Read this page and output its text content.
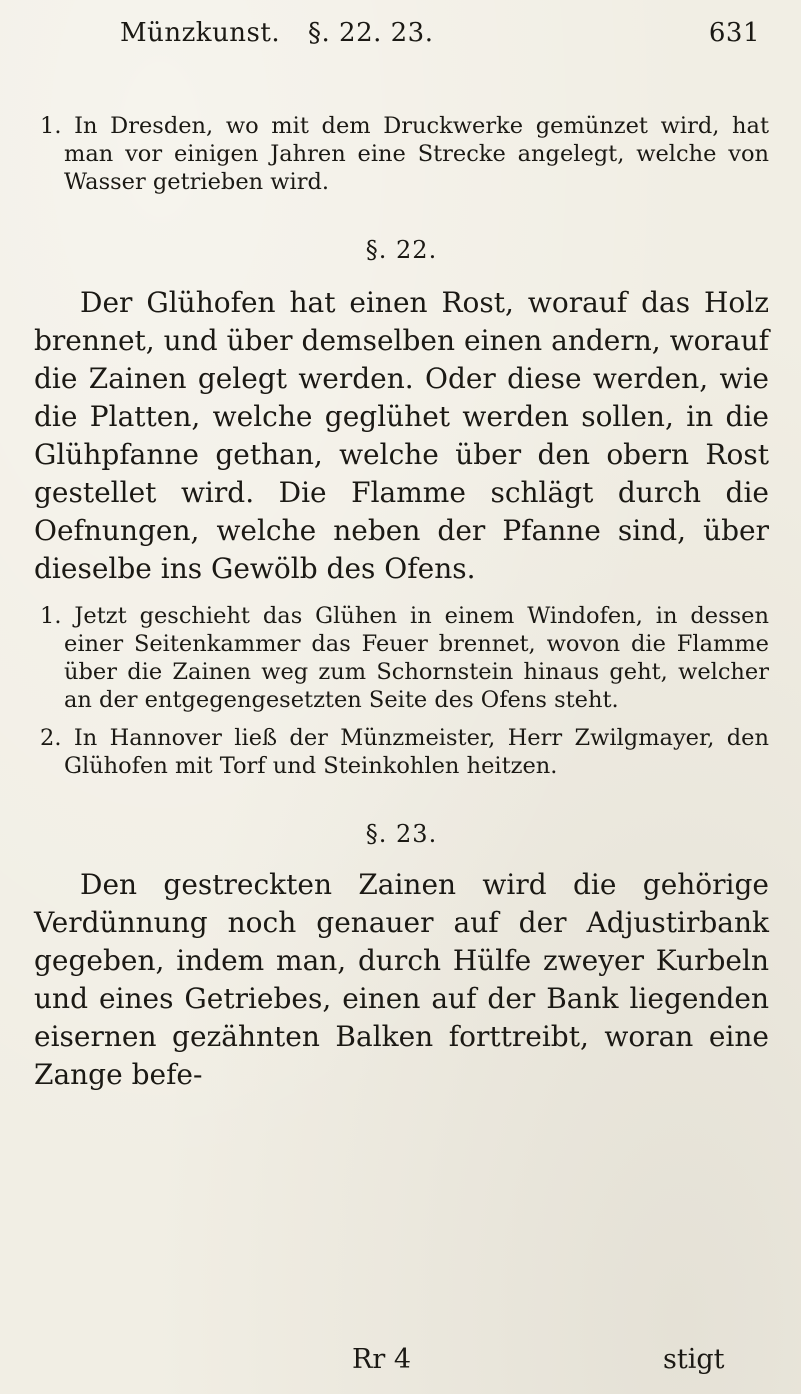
Münzkunst. §. 22. 23.	631

1. In Dresden, wo mit dem Druckwerke gemünzet wird, hat man vor einigen Jahren eine Strecke angelegt, welche von Wasser getrieben wird.

§. 22.

Der Glühofen hat einen Rost, worauf das Holz brennet, und über demselben einen andern, worauf die Zainen gelegt werden. Oder diese werden, wie die Platten, welche geglühet werden sollen, in die Glühpfanne gethan, welche über den obern Rost gestellet wird. Die Flamme schlägt durch die Oefnungen, welche neben der Pfanne sind, über dieselbe ins Gewölb des Ofens.

1. Jetzt geschieht das Glühen in einem Windofen, in dessen einer Seitenkammer das Feuer brennet, wovon die Flamme über die Zainen weg zum Schornstein hinaus geht, welcher an der entgegengesetzten Seite des Ofens steht.

2. In Hannover ließ der Münzmeister, Herr Zwilgmayer, den Glühofen mit Torf und Steinkohlen heitzen.

§. 23.

Den gestreckten Zainen wird die gehörige Verdünnung noch genauer auf der Adjustirbank gegeben, indem man, durch Hülfe zweyer Kurbeln und eines Getriebes, einen auf der Bank liegenden eisernen gezähnten Balken forttreibt, woran eine Zange befe-

Rr 4	stigt
